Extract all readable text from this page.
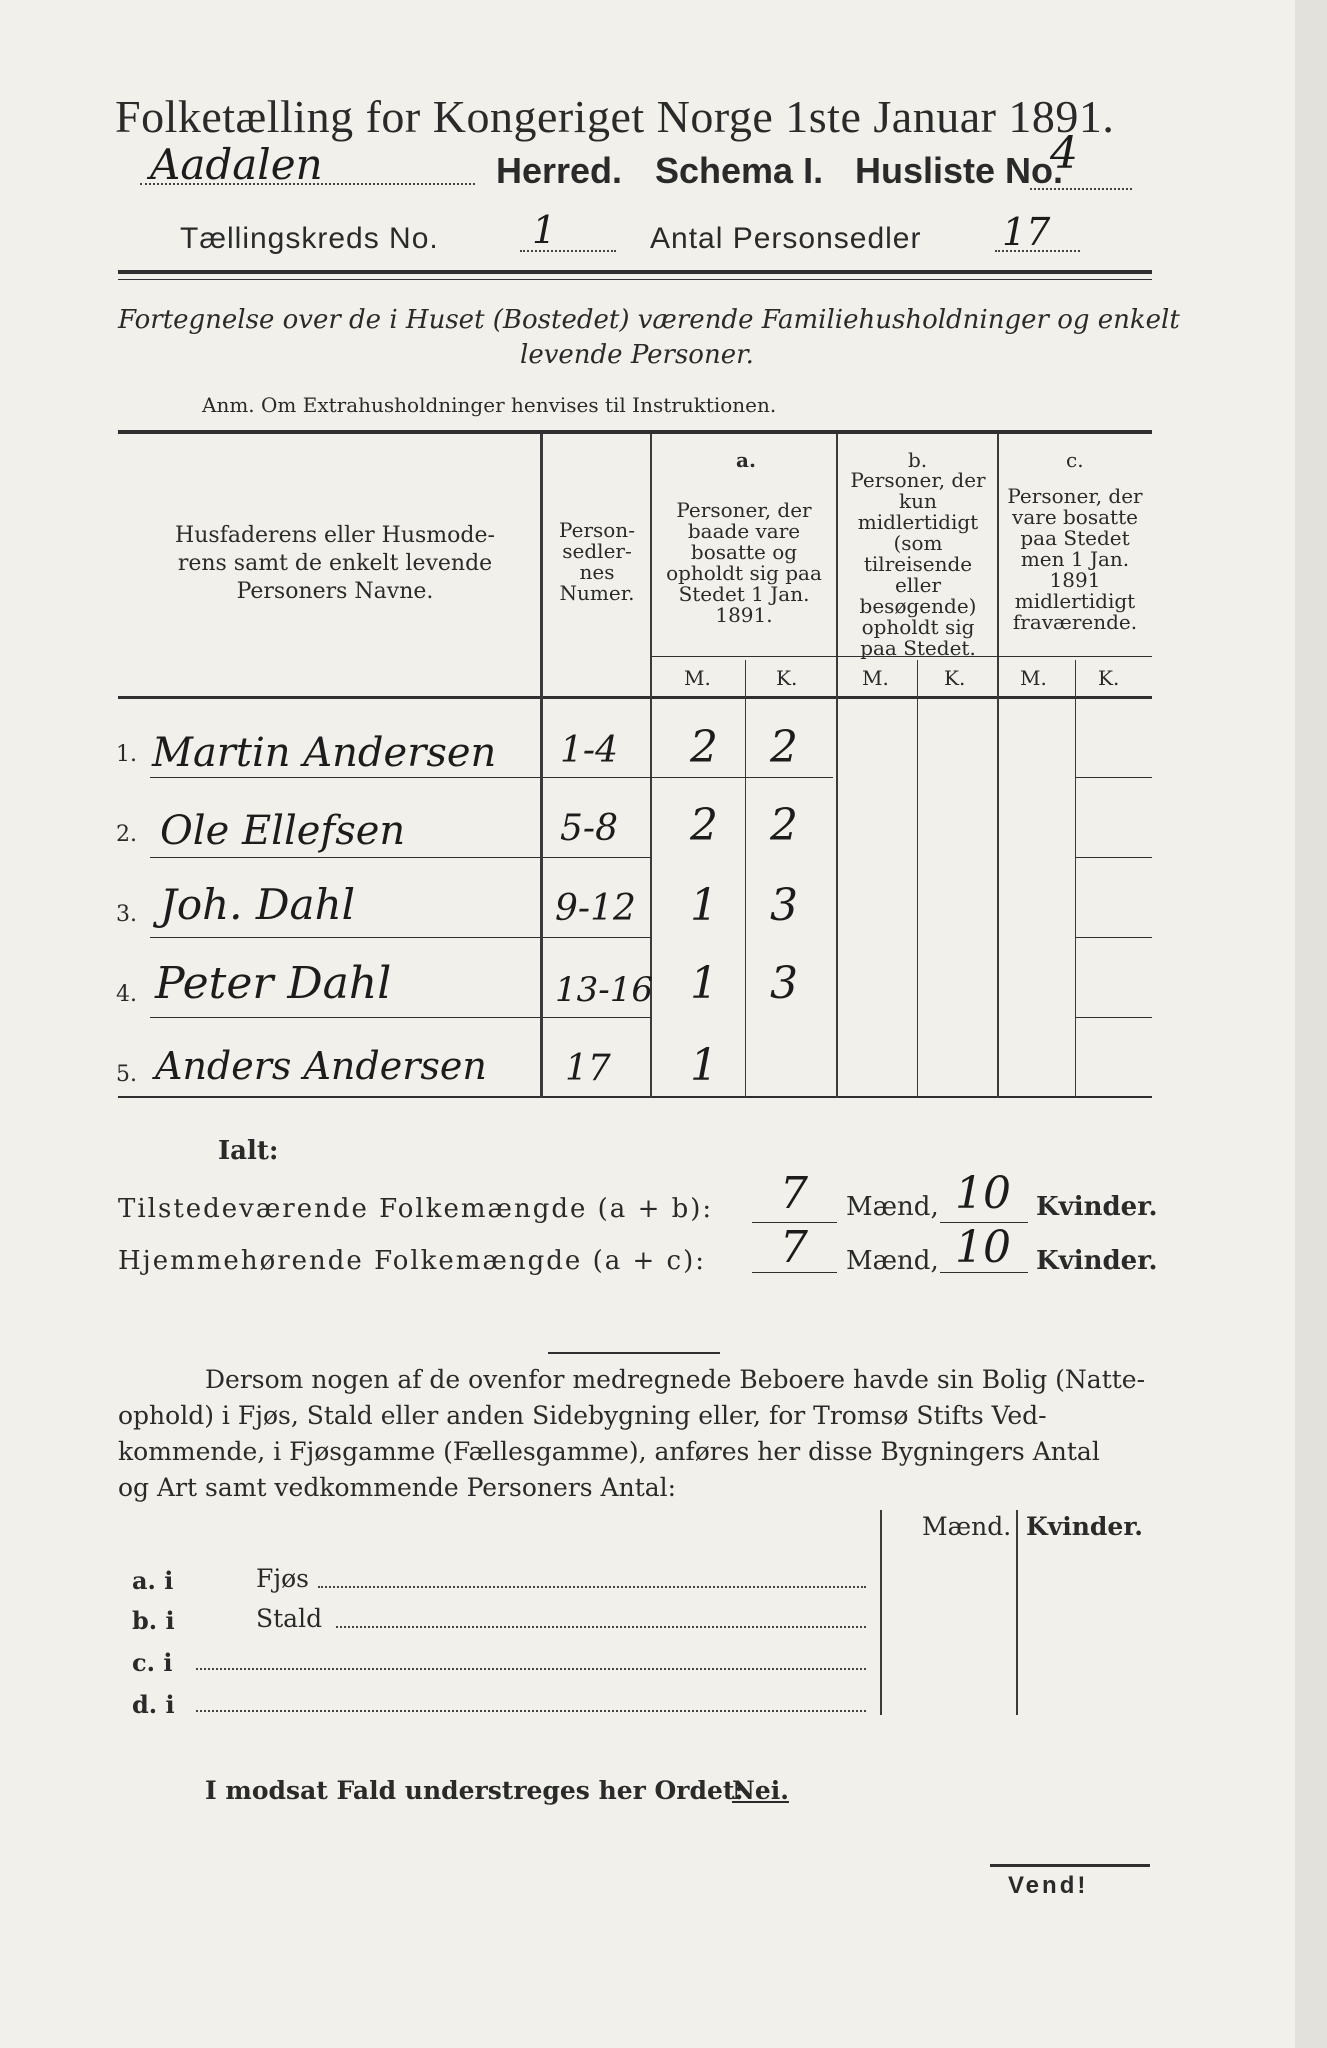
Folketælling for Kongeriget Norge 1ste Januar 1891.
Aadalen	Herred. Schema I. Husliste No.
4
Tællingskreds No. 1	Antal Personsedler 17
Fortegnelse over de i Huset (Bostedet) værende Familiehusholdninger og enkelt
levende Personer.
Anm. Om Extrahusholdninger henvises til Instruktionen.
Husfaderens eller Husmode-
rens samt de enkelt levende
Personers Navne.
Person-
sedler-
nes
Numer.
a.
Personer, der baade vare bosatte og opholdt sig paa Stedet 1 Jan. 1891.
b.
Personer, der kun midlertidigt (som tilreisende eller besøgende) opholdt sig paa Stedet.
c.
Personer, der vare bosatte paa Stedet men 1 Jan. 1891 midlertidigt fraværende.
M.	K.	M.	K.	M.	K.
1. Martin Andersen 1-4 2 2
2. Ole Ellefsen	5-8 2 2
3. Joh. Dahl	9-12 1 3
4. Peter Dahl	13-16 1 3
5. Anders Andersen 17 1
Ialt:
Tilstedeværende Folkemængde (a + b): 7 Mænd, 10 Kvinder.
Hjemmehørende Folkemængde (a + c): 7 Mænd, 10 Kvinder.
Dersom nogen af de ovenfor medregnede Beboere havde sin Bolig (Natte-
ophold) i Fjøs, Stald eller anden Sidebygning eller, for Tromsø Stifts Ved-
kommende, i Fjøsgamme (Fællesgamme), anføres her disse Bygningers Antal
og Art samt vedkommende Personers Antal:
Mænd. Kvinder.
a. i	Fjøs
b. i	Stald
c. i
d. i
I modsat Fald understreges her Ordet:
Nei.
Vend!
